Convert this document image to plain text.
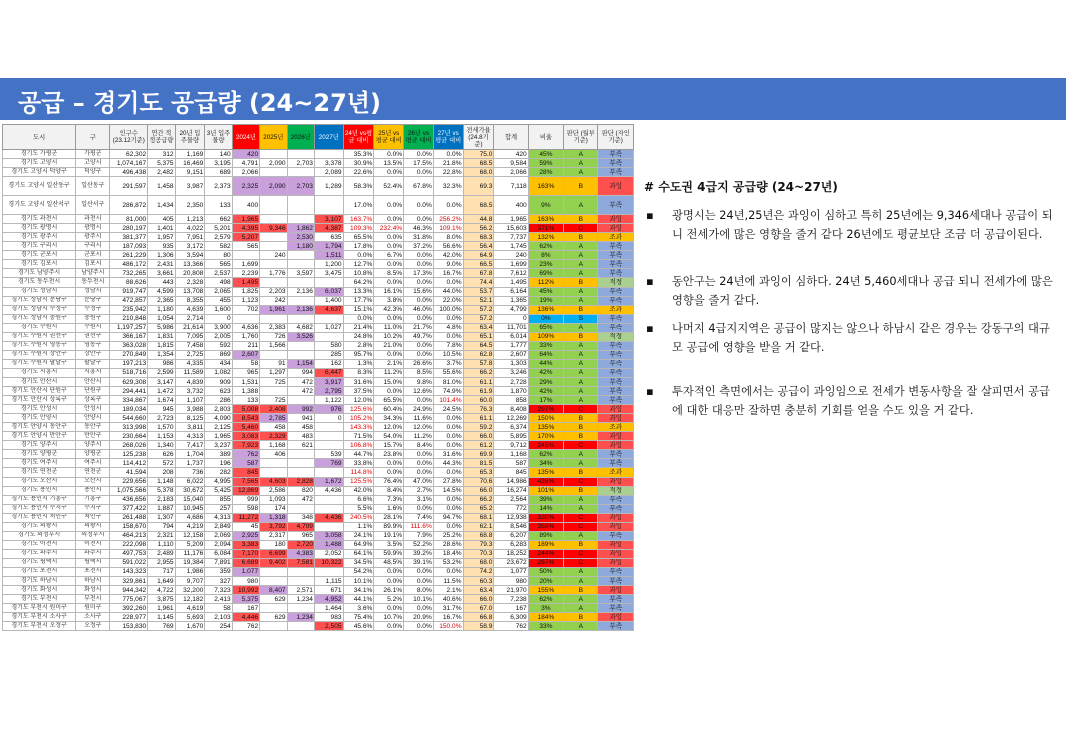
공급 – 경기도 공급량 (24~27년)
도시	구	인구수 (23.12기준)	연간 적정공급량	20년 입주물량	3년 입주물량	2024년	2025년	2026년	2027년	24년 vs평균 대비	25년 vs평균 대비	26년 vs평균 대비	27년 vs평균 대비	전세가율 (24.8기준)	합계	비율	판단 (월부기준)	판단 (자인기준)
경기도 가평군	가평군	62,302	312	1,169	140	420				35.3%	0.0%	0.0%	0.0%	75.0	420	45%	A	부족
경기도 고양시	고양시	1,074,167	5,375	16,469	3,195	4,791	2,090	2,703	3,378	30.9%	13.5%	17.5%	21.8%	68.5	9,584	59%	A	부족
경기도 고양시 덕양구	덕양구	496,438	2,482	9,151	689	2,066			2,089	22.6%	0.0%	0.0%	22.8%	68.0	2,066	28%	A	부족
경기도 고양시 일산동구	일산동구	291,597	1,458	3,987	2,373	2,325	2,090	2,703	1,289	58.3%	52.4%	67.8%	32.3%	69.3	7,118	163%	B	과잉
경기도 고양시 일산서구	일산서구	286,872	1,434	2,350	133	400				17.0%	0.0%	0.0%	0.0%	68.5	400	9%	A	부족
경기도 과천시	과천시	81,000	405	1,213	662	1,965			3,107	163.7%	0.0%	0.0%	256.2%	44.8	1,965	163%	B	과잉
경기도 광명시	광명시	280,197	1,401	4,022	5,201	4,395	9,346	1,862	4,387	109.3%	232.4%	46.3%	109.1%	56.2	15,603	371%	C	과잉
경기도 광주시	광주시	381,377	1,957	7,951	2,579	5,207		2,530	635	65.5%	0.0%	31.8%	8.0%	68.3	7,737	132%	B	조과
경기도 구리시	구리시	187,093	935	3,172	582	565		1,180	1,794	17.8%	0.0%	37.2%	56.6%	56.4	1,745	62%	A	부족
경기도 군포시	군포시	261,229	1,306	3,594	80		240		1,511	0.0%	6.7%	0.0%	42.0%	64.9	240	8%	A	부족
경기도 김포시	김포시	486,172	2,431	13,366	565	1,699			1,200	12.7%	0.0%	0.0%	9.0%	66.5	1,699	23%	A	부족
경기도 남양주시	남양주시	732,265	3,661	20,808	2,537	2,239	1,776	3,597	3,475	10.8%	8.5%	17.3%	16.7%	67.8	7,612	69%	A	부족
경기도 동두천시	동두천시	88,626	443	2,328	498	1,495				64.2%	0.0%	0.0%	0.0%	74.4	1,495	112%	B	적정
경기도 성남시	성남시	919,747	4,599	13,708	2,065	1,825	2,203	2,136	6,037	13.3%	16.1%	15.6%	44.0%	53.7	6,164	45%	A	부족
경기도 성남시 분당구	분당구	472,857	2,365	8,355	455	1,123	242		1,400	17.7%	3.8%	0.0%	22.0%	52.1	1,365	19%	A	부족
경기도 성남시 수정구	수정구	235,942	1,180	4,639	1,600	702	1,961	2,136	4,637	15.1%	42.3%	46.0%	100.0%	57.2	4,799	136%	B	조과
경기도 성남시 중원구	중원구	210,848	1,054	2,714	0					0.0%	0.0%	0.0%	0.0%	57.2	0	0%	S	부족
경기도 수원시	수원시	1,197,257	5,986	21,614	3,900	4,636	2,383	4,682	1,027	21.4%	11.0%	21.7%	4.8%	63.4	11,701	65%	A	부족
경기도 수원시 권선구	권선구	366,167	1,831	7,095	2,005	1,760	726	3,526		24.8%	10.2%	49.7%	0.0%	65.1	6,014	109%	B	적정
경기도 수원시 영통구	영통구	363,028	1,815	7,458	592	211	1,566		580	2.8%	21.0%	0.0%	7.8%	64.5	1,777	33%	A	부족
경기도 수원시 장안구	장안구	270,849	1,354	2,725	869	2,607			285	95.7%	0.0%	0.0%	10.5%	62.8	2,607	64%	A	부족
경기도 수원시 팔달구	팔달구	197,213	986	4,335	434	58	91	1,154	162	1.3%	2.1%	26.6%	3.7%	57.8	1,303	44%	A	부족
경기도 시흥시	시흥시	518,716	2,599	11,589	1,082	965	1,297	994	6,447	8.3%	11.2%	8.5%	55.6%	66.2	3,246	42%	A	부족
경기도 안산시	안산시	629,308	3,147	4,839	909	1,531	725	472	3,917	31.6%	15.0%	9.8%	81.0%	61.1	2,728	29%	A	부족
경기도 안산시 단원구	단원구	294,441	1,472	3,732	623	1,388		472	2,795	37.5%	0.0%	12.6%	74.9%	61.9	1,870	42%	A	부족
경기도 안산시 상록구	상록구	334,867	1,674	1,107	286	133	725		1,122	12.0%	65.5%	0.0%	101.4%	60.0	858	17%	A	부족
경기도 안성시	안성시	189,034	945	3,988	2,803	5,008	2,408	992	976	125.6%	60.4%	24.9%	24.5%	76.3	8,408	297%	C	과잉
경기도 안양시	안양시	544,660	2,723	8,125	4,090	8,543	2,785	941	0	105.2%	34.3%	11.6%	0.0%	61.1	12,269	150%	B	과잉
경기도 안양시 동안구	동안구	313,998	1,570	3,811	2,125	5,460	458	458		143.3%	12.0%	12.0%	0.0%	59.2	6,374	135%	B	조과
경기도 안양시 만안구	만안구	230,664	1,153	4,313	1,965	3,083	2,329	483		71.5%	54.0%	11.2%	0.0%	66.0	5,895	170%	B	과잉
경기도 양주시	양주시	268,026	1,340	7,417	3,237	7,923	1,168	621		106.8%	15.7%	8.4%	0.0%	61.2	9,712	245%	C	과잉
경기도 양평군	양평군	125,238	626	1,704	389	762	406		539	44.7%	23.8%	0.0%	31.6%	69.9	1,168	62%	A	부족
경기도 여주시	여주시	114,412	572	1,737	196	587			769	33.8%	0.0%	0.0%	44.3%	81.5	587	34%	A	부족
경기도 연천군	연천군	41,594	208	736	282	845				114.8%	0.0%	0.0%	0.0%	65.3	845	135%	B	조과
경기도 오산시	오산시	229,656	1,148	6,022	4,995	7,565	4,603	2,828	1,672	125.5%	76.4%	47.0%	27.8%	70.6	14,986	435%	C	과잉
경기도 용인시	용인시	1,075,566	5,378	30,672	5,425	12,869	2,586	820	4,436	42.0%	8.4%	2.7%	14.5%	66.0	16,274	101%	B	적정
경기도 용인시 기흥구	기흥구	436,656	2,183	15,040	855	999	1,093	472		6.6%	7.3%	3.1%	0.0%	66.2	2,564	39%	A	부족
경기도 용인시 수지구	수지구	377,422	1,887	10,945	257	598	174			5.5%	1.6%	0.0%	0.0%	65.2	772	14%	A	부족
경기도 용인시 처인구	처인구	261,488	1,307	4,686	4,313	11,272	1,318	348	4,436	240.5%	28.1%	7.4%	94.7%	68.1	12,938	330%	C	과잉
경기도 의왕시	의왕시	158,670	794	4,219	2,849	45	3,792	4,709		1.1%	89.9%	111.6%	0.0%	62.1	8,546	359%	C	과잉
경기도 의정부시	의정부시	464,213	2,321	12,158	2,069	2,925	2,317	965	3,058	24.1%	19.1%	7.9%	25.2%	68.8	6,207	89%	A	부족
경기도 이천시	이천시	222,098	1,110	5,209	2,094	3,383	180	2,720	1,488	64.9%	3.5%	52.2%	28.6%	79.3	6,283	189%	B	과잉
경기도 파주시	파주시	497,753	2,489	11,176	6,084	7,170	6,699	4,383	2,052	64.1%	59.9%	39.2%	18.4%	70.3	18,252	244%	C	과잉
경기도 평택시	평택시	591,022	2,955	19,384	7,891	6,689	9,402	7,581	10,322	34.5%	48.5%	39.1%	53.2%	68.0	23,672	267%	C	과잉
경기도 포천시	포천시	143,323	717	1,986	359	1,077				54.2%	0.0%	0.0%	0.0%	74.2	1,077	50%	A	부족
경기도 하남시	하남시	329,861	1,649	9,707	327	980			1,115	10.1%	0.0%	0.0%	11.5%	60.3	980	20%	A	부족
경기도 화성시	화성시	944,342	4,722	32,200	7,323	10,992	8,407	2,571	671	34.1%	26.1%	8.0%	2.1%	63.4	21,970	155%	B	과잉
경기도 부천시	부천시	775,067	3,875	12,182	2,413	5,375	629	1,234	4,952	44.1%	5.2%	10.1%	40.6%	66.0	7,238	62%	A	부족
경기도 부천시 원미구	원미구	392,260	1,961	4,619	58	167			1,464	3.6%	0.0%	0.0%	31.7%	67.0	167	3%	A	부족
경기도 부천시 소사구	소사구	228,977	1,145	5,693	2,103	4,446	629	1,234	983	75.4%	10.7%	20.9%	16.7%	66.8	6,309	184%	B	과잉
경기도 부천시 오정구	오정구	153,830	769	1,670	254	762			2,505	45.6%	0.0%	0.0%	150.0%	58.9	762	33%	A	부족
# 수도권 4급지 공급량 (24~27년)
▪ 광명시는 24년,25년은 과잉이 심하고 특히 25년에는 9,346세대나 공급이 되니 전세가에 많은 영향을 줄거 같다 26년에도 평균보단 조금 더 공급이된다.
▪ 동안구는 24년에 과잉이 심하다. 24년 5,460세대나 공급 되니 전세가에 많은 영향을 줄거 같다.
▪ 나머지 4급지지역은 공급이 많지는 않으나 하남시 같은 경우는 강동구의 대규모 공급에 영향을 받을 거 같다.
▪ 투자적인 측면에서는 공급이 과잉임으로 전세가 변동사항을 잘 살피면서 공급에 대한 대응만 잘하면 충분히 기회를 얻을 수도 있을 거 같다.
